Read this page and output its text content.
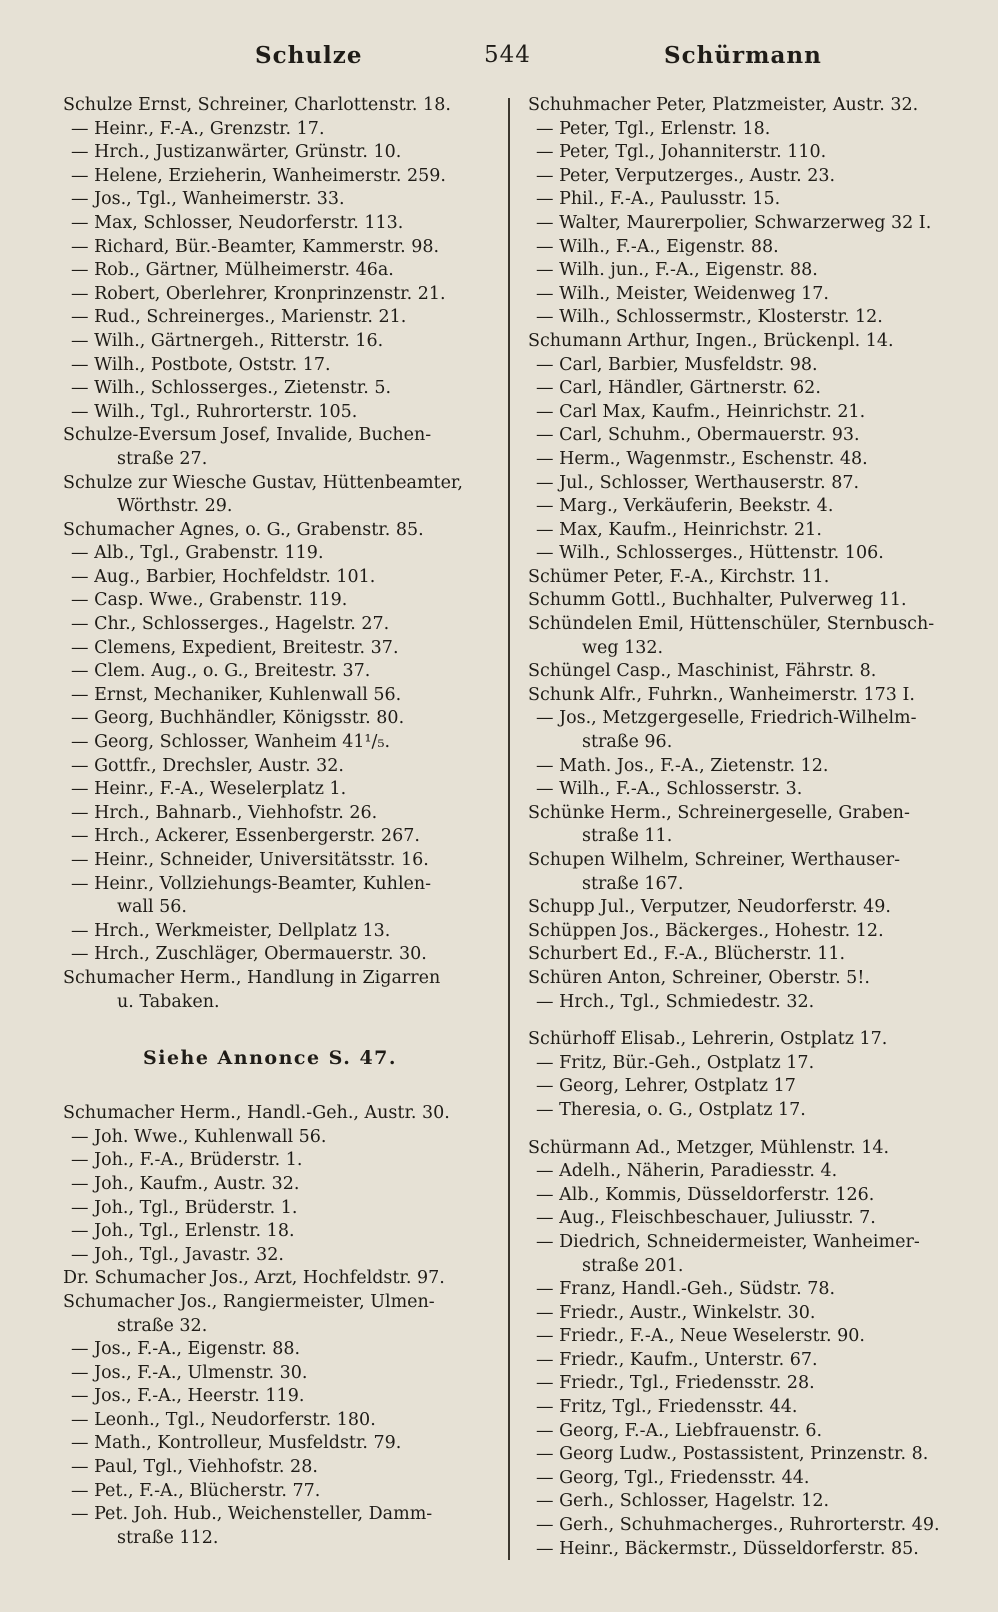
Schulze	544	Schürmann
Schulze Ernst, Schreiner, Charlottenstr. 18.
— Heinr., F.-A., Grenzstr. 17.
— Hrch., Justizanwärter, Grünstr. 10.
— Helene, Erzieherin, Wanheimerstr. 259.
— Jos., Tgl., Wanheimerstr. 33.
— Max, Schlosser, Neudorferstr. 113.
— Richard, Bür.-Beamter, Kammerstr. 98.
— Rob., Gärtner, Mülheimerstr. 46a.
— Robert, Oberlehrer, Kronprinzenstr. 21.
— Rud., Schreinerges., Marienstr. 21.
— Wilh., Gärtnergeh., Ritterstr. 16.
— Wilh., Postbote, Oststr. 17.
— Wilh., Schlosserges., Zietenstr. 5.
— Wilh., Tgl., Ruhrorterstr. 105.
Schulze-Eversum Josef, Invalide, Buchen-
straße 27.
Schulze zur Wiesche Gustav, Hüttenbeamter,
Wörthstr. 29.
Schumacher Agnes, o. G., Grabenstr. 85.
— Alb., Tgl., Grabenstr. 119.
— Aug., Barbier, Hochfeldstr. 101.
— Casp. Wwe., Grabenstr. 119.
— Chr., Schlosserges., Hagelstr. 27.
— Clemens, Expedient, Breitestr. 37.
— Clem. Aug., o. G., Breitestr. 37.
— Ernst, Mechaniker, Kuhlenwall 56.
— Georg, Buchhändler, Königsstr. 80.
— Georg, Schlosser, Wanheim 41¹/₅.
— Gottfr., Drechsler, Austr. 32.
— Heinr., F.-A., Weselerplatz 1.
— Hrch., Bahnarb., Viehhofstr. 26.
— Hrch., Ackerer, Essenbergerstr. 267.
— Heinr., Schneider, Universitätsstr. 16.
— Heinr., Vollziehungs-Beamter, Kuhlen-
wall 56.
— Hrch., Werkmeister, Dellplatz 13.
— Hrch., Zuschläger, Obermauerstr. 30.
Schumacher Herm., Handlung in Zigarren
u. Tabaken.
Siehe Annonce S. 47.
Schumacher Herm., Handl.-Geh., Austr. 30.
— Joh. Wwe., Kuhlenwall 56.
— Joh., F.-A., Brüderstr. 1.
— Joh., Kaufm., Austr. 32.
— Joh., Tgl., Brüderstr. 1.
— Joh., Tgl., Erlenstr. 18.
— Joh., Tgl., Javastr. 32.
Dr. Schumacher Jos., Arzt, Hochfeldstr. 97.
Schumacher Jos., Rangiermeister, Ulmen-
straße 32.
— Jos., F.-A., Eigenstr. 88.
— Jos., F.-A., Ulmenstr. 30.
— Jos., F.-A., Heerstr. 119.
— Leonh., Tgl., Neudorferstr. 180.
— Math., Kontrolleur, Musfeldstr. 79.
— Paul, Tgl., Viehhofstr. 28.
— Pet., F.-A., Blücherstr. 77.
— Pet. Joh. Hub., Weichensteller, Damm-
straße 112.
Schuhmacher Peter, Platzmeister, Austr. 32.
— Peter, Tgl., Erlenstr. 18.
— Peter, Tgl., Johanniterstr. 110.
— Peter, Verputzerges., Austr. 23.
— Phil., F.-A., Paulusstr. 15.
— Walter, Maurerpolier, Schwarzerweg 32 I.
— Wilh., F.-A., Eigenstr. 88.
— Wilh. jun., F.-A., Eigenstr. 88.
— Wilh., Meister, Weidenweg 17.
— Wilh., Schlossermstr., Klosterstr. 12.
Schumann Arthur, Ingen., Brückenpl. 14.
— Carl, Barbier, Musfeldstr. 98.
— Carl, Händler, Gärtnerstr. 62.
— Carl Max, Kaufm., Heinrichstr. 21.
— Carl, Schuhm., Obermauerstr. 93.
— Herm., Wagenmstr., Eschenstr. 48.
— Jul., Schlosser, Werthauserstr. 87.
— Marg., Verkäuferin, Beekstr. 4.
— Max, Kaufm., Heinrichstr. 21.
— Wilh., Schlosserges., Hüttenstr. 106.
Schümer Peter, F.-A., Kirchstr. 11.
Schumm Gottl., Buchhalter, Pulverweg 11.
Schündelen Emil, Hüttenschüler, Sternbusch-
weg 132.
Schüngel Casp., Maschinist, Fährstr. 8.
Schunk Alfr., Fuhrkn., Wanheimerstr. 173 I.
— Jos., Metzgergeselle, Friedrich-Wilhelm-
straße 96.
— Math. Jos., F.-A., Zietenstr. 12.
— Wilh., F.-A., Schlosserstr. 3.
Schünke Herm., Schreinergeselle, Graben-
straße 11.
Schupen Wilhelm, Schreiner, Werthauser-
straße 167.
Schupp Jul., Verputzer, Neudorferstr. 49.
Schüppen Jos., Bäckerges., Hohestr. 12.
Schurbert Ed., F.-A., Blücherstr. 11.
Schüren Anton, Schreiner, Oberstr. 5!.
— Hrch., Tgl., Schmiedestr. 32.
Schürhoff Elisab., Lehrerin, Ostplatz 17.
— Fritz, Bür.-Geh., Ostplatz 17.
— Georg, Lehrer, Ostplatz 17
— Theresia, o. G., Ostplatz 17.
Schürmann Ad., Metzger, Mühlenstr. 14.
— Adelh., Näherin, Paradiesstr. 4.
— Alb., Kommis, Düsseldorferstr. 126.
— Aug., Fleischbeschauer, Juliusstr. 7.
— Diedrich, Schneidermeister, Wanheimer-
straße 201.
— Franz, Handl.-Geh., Südstr. 78.
— Friedr., Austr., Winkelstr. 30.
— Friedr., F.-A., Neue Weselerstr. 90.
— Friedr., Kaufm., Unterstr. 67.
— Friedr., Tgl., Friedensstr. 28.
— Fritz, Tgl., Friedensstr. 44.
— Georg, F.-A., Liebfrauenstr. 6.
— Georg Ludw., Postassistent, Prinzenstr. 8.
— Georg, Tgl., Friedensstr. 44.
— Gerh., Schlosser, Hagelstr. 12.
— Gerh., Schuhmacherges., Ruhrorterstr. 49.
— Heinr., Bäckermstr., Düsseldorferstr. 85.
